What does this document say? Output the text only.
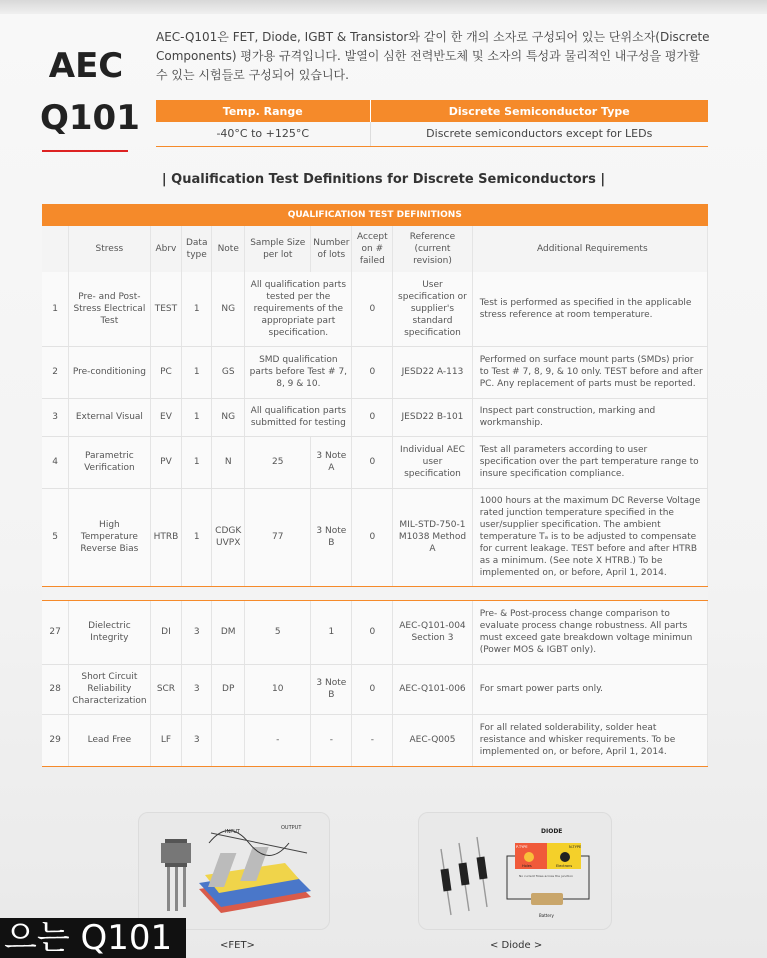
AEC
Q101

AEC-Q101은 FET, Diode, IGBT & Transistor와 같이 한 개의 소자로 구성되어 있는 단위소자(Discrete Components) 평가용 규격입니다. 발열이 심한 전력반도체 및 소자의 특성과 물리적인 내구성을 평가할 수 있는 시험들로 구성되어 있습니다.

Temp. Range	Discrete Semiconductor Type
-40°C to +125°C	Discrete semiconductors except for LEDs
| Qualification Test Definitions for Discrete Semiconductors |
QUALIFICATION TEST DEFINITIONS									
	Stress	Abrv	Data type	Note	Sample Size per lot	Number of lots	Accept on # failed	Reference (current revision)	Additional Requirements
1	Pre- and Post-Stress Electrical Test	TEST	1	NG	All qualification parts tested per the requirements of the appropriate part specification.		0	User specification or supplier's standard specification	Test is performed as specified in the applicable stress reference at room temperature.
2	Pre-conditioning	PC	1	GS	SMD qualification parts before Test # 7, 8, 9 & 10.		0	JESD22 A-113	Performed on surface mount parts (SMDs) prior to Test # 7, 8, 9, & 10 only. TEST before and after PC. Any replacement of parts must be reported.
3	External Visual	EV	1	NG	All qualification parts submitted for testing		0	JESD22 B-101	Inspect part construction, marking and workmanship.
4	Parametric Verification	PV	1	N	25	3 Note A	0	Individual AEC user specification	Test all parameters according to user specification over the part temperature range to insure specification compliance.
5	High Temperature Reverse Bias	HTRB	1	CDGK UVPX	77	3 Note B	0	MIL-STD-750-1 M1038 Method A	1000 hours at the maximum DC Reverse Voltage rated junction temperature specified in the user/supplier specification. The ambient temperature Tₐ is to be adjusted to compensate for current leakage. TEST before and after HTRB as a minimum. (See note X HTRB.) To be implemented on, or before, April 1, 2014.

27	Dielectric Integrity	DI	3	DM	5	1	0	AEC-Q101-004 Section 3	Pre- & Post-process change comparison to evaluate process change robustness. All parts must exceed gate breakdown voltage minimun (Power MOS & IGBT only).
28	Short Circuit Reliability Characterization	SCR	3	DP	10	3 Note B	0	AEC-Q101-006	For smart power parts only.
29	Lead Free	LF	3		-	-	-	AEC-Q005	For all related solderability, solder heat resistance and whisker requirements. To be implemented on, or before, April 1, 2014.
INPUT
OUTPUT	DIODE
P-TYPE	N-TYPE
Holes	Electrons
No current flows across the junction
Battery
<FET>	< Diode >
으는 Q101
